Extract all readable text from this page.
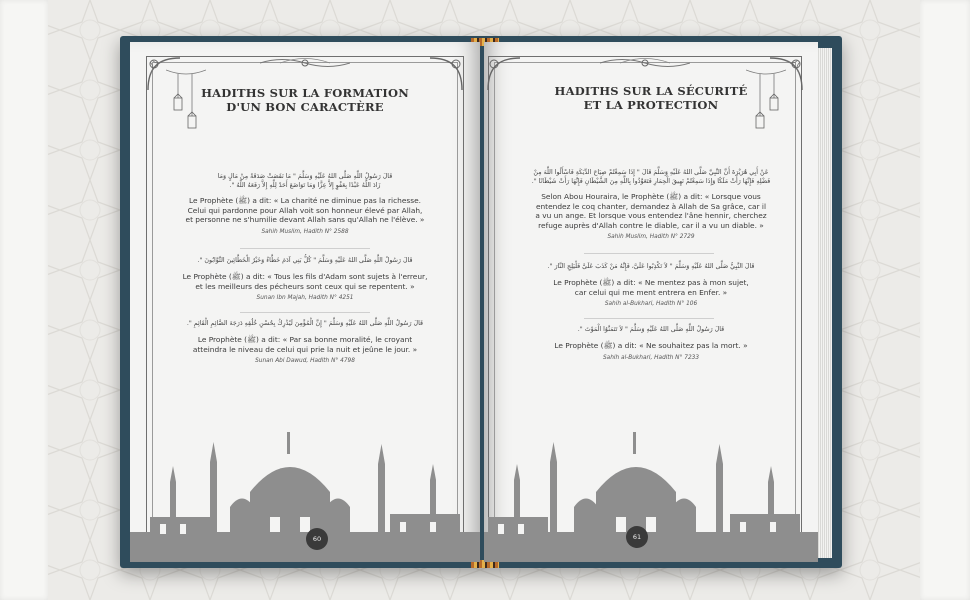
HADITHS SUR LA FORMATION
D'UN BON CARACTÈRE
قَالَ رَسُولُ اللَّهِ صَلَّى اللهُ عَلَيْهِ وَسَلَّمَ " مَا نَقَصَتْ صَدَقَةٌ مِنْ مَالٍ وَمَا
زَادَ اللَّهُ عَبْدًا بِعَفْوٍ إِلاَّ عِزًّا وَمَا تَوَاضَعَ أَحَدٌ لِلَّهِ إِلاَّ رَفَعَهُ اللَّهُ ".
Le Prophète (ﷺ) a dit: « La charité ne diminue pas la richesse.
Celui qui pardonne pour Allah voit son honneur élevé par Allah,
et personne ne s'humilie devant Allah sans qu'Allah ne l'élève. »
Sahih Muslim, Hadith N° 2588
قَالَ رَسُولُ اللَّهِ صَلَّى اللهُ عَلَيْهِ وَسَلَّمَ " كُلُّ بَنِي آدَمَ خَطَّاءٌ وَخَيْرُ الْخَطَّائِينَ التَّوَّابُونَ ".
Le Prophète (ﷺ) a dit: « Tous les fils d'Adam sont sujets à l'erreur,
et les meilleurs des pécheurs sont ceux qui se repentent. »
Sunan Ibn Majah, Hadith N° 4251
قَالَ رَسُولُ اللَّهِ صَلَّى اللهُ عَلَيْهِ وَسَلَّمَ " إِنَّ الْمُؤْمِنَ لَيُدْرِكُ بِحُسْنِ خُلُقِهِ دَرَجَةَ الصَّائِمِ الْقَائِمِ ".
Le Prophète (ﷺ) a dit: « Par sa bonne moralité, le croyant
atteindra le niveau de celui qui prie la nuit et jeûne le jour. »
Sunan Abi Dawud, Hadith N° 4798
60
HADITHS SUR LA SÉCURITÉ
ET LA PROTECTION
عَنْ أَبِي هُرَيْرَةَ أَنَّ النَّبِيَّ صَلَّى اللهُ عَلَيْهِ وَسَلَّمَ قَالَ " إِذَا سَمِعْتُمْ صِيَاحَ الدِّيَكَةِ فَاسْأَلُوا اللَّهَ مِنْ
فَضْلِهِ فَإِنَّهَا رَأَتْ مَلَكًا وَإِذَا سَمِعْتُمْ نَهِيقَ الْحِمَارِ فَتَعَوَّذُوا بِاللَّهِ مِنَ الشَّيْطَانِ فَإِنَّهَا رَأَتْ شَيْطَانًا ".
Selon Abou Houraira, le Prophète (ﷺ) a dit: « Lorsque vous
entendez le coq chanter, demandez à Allah de Sa grâce, car il
a vu un ange. Et lorsque vous entendez l'âne hennir, cherchez
refuge auprès d'Allah contre le diable, car il a vu un diable. »
Sahih Muslim, Hadith N° 2729
قَالَ النَّبِيُّ صَلَّى اللهُ عَلَيْهِ وَسَلَّمَ " لاَ تَكْذِبُوا عَلَىَّ، فَإِنَّهُ مَنْ كَذَبَ عَلَىَّ فَلْيَلِجِ النَّارَ ".
Le Prophète (ﷺ) a dit: « Ne mentez pas à mon sujet,
car celui qui me ment entrera en Enfer. »
Sahih al-Bukhari, Hadith N° 106
قَالَ رَسُولُ اللَّهِ صَلَّى اللهُ عَلَيْهِ وَسَلَّمَ " لاَ تَتَمَنَّوُا الْمَوْتَ ".
Le Prophète (ﷺ) a dit: « Ne souhaitez pas la mort. »
Sahih al-Bukhari, Hadith N° 7233
61
